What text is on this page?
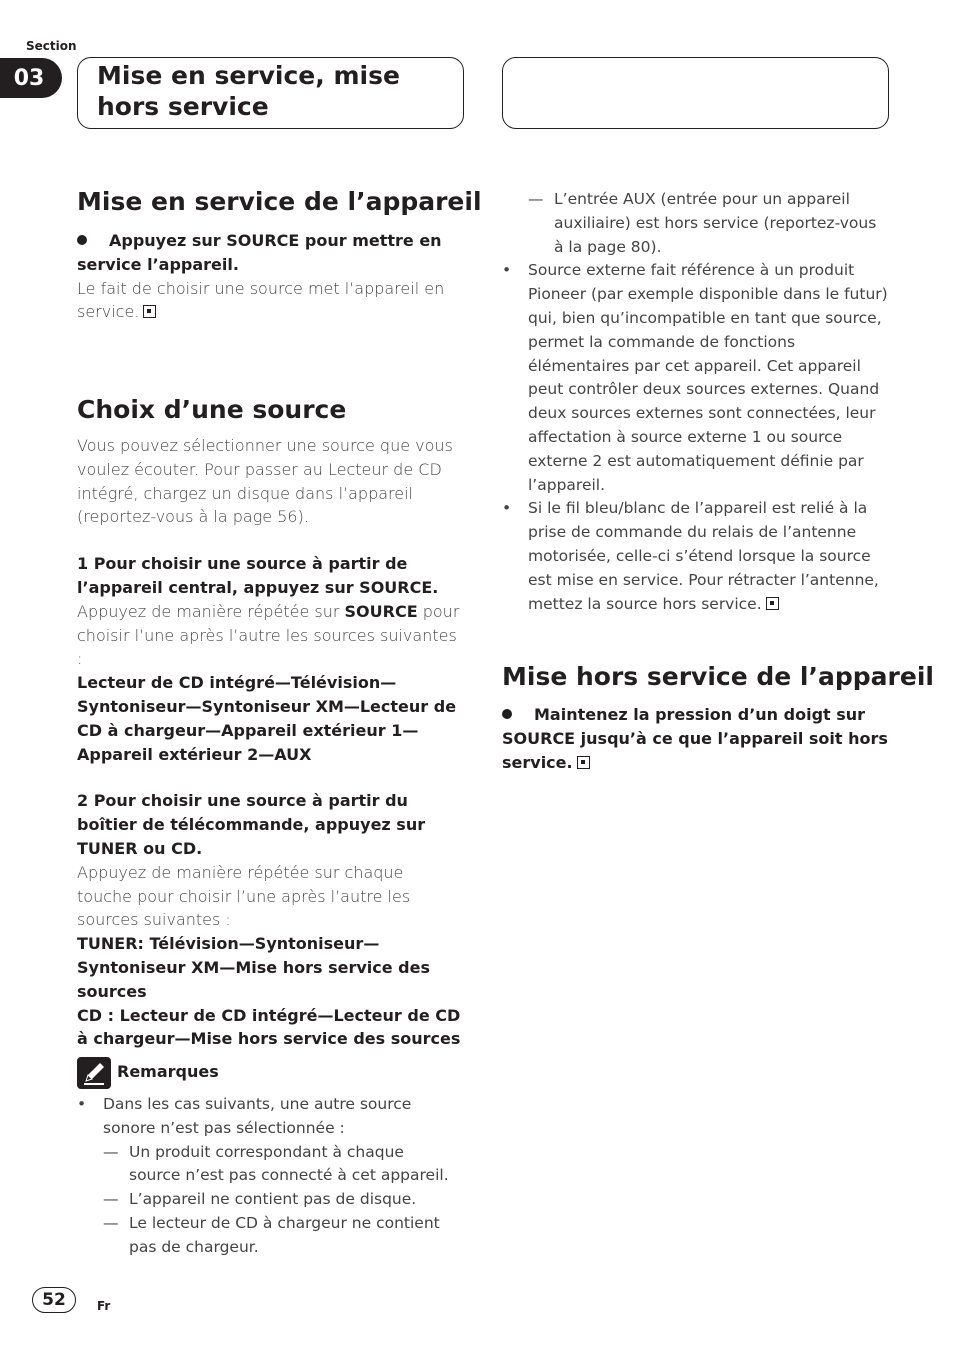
Section
03	Mise en service, mise hors service
Mise en service de l’appareil

Appuyez sur SOURCE pour mettre en service l’appareil.

Le fait de choisir une source met l’appareil en service.

Choix d’une source

Vous pouvez sélectionner une source que vous voulez écouter. Pour passer au Lecteur de CD intégré, chargez un disque dans l’appareil (reportez-vous à la page 56).

1 Pour choisir une source à partir de l’appareil central, appuyez sur SOURCE.

Appuyez de manière répétée sur SOURCE pour choisir l’une après l’autre les sources suivantes :

Lecteur de CD intégré—Télévision—Syntoniseur—Syntoniseur XM—Lecteur de CD à chargeur—Appareil extérieur 1—Appareil extérieur 2—AUX

2 Pour choisir une source à partir du boîtier de télécommande, appuyez sur TUNER ou CD.

Appuyez de manière répétée sur chaque touche pour choisir l’une après l’autre les sources suivantes :

TUNER: Télévision—Syntoniseur—Syntoniseur XM—Mise hors service des sources

CD : Lecteur de CD intégré—Lecteur de CD à chargeur—Mise hors service des sources

Remarques
• Dans les cas suivants, une autre source sonore n’est pas sélectionnée :
— Un produit correspondant à chaque source n’est pas connecté à cet appareil.
— L’appareil ne contient pas de disque.
— Le lecteur de CD à chargeur ne contient pas de chargeur.
— L’entrée AUX (entrée pour un appareil auxiliaire) est hors service (reportez-vous à la page 80).
• Source externe fait référence à un produit Pioneer (par exemple disponible dans le futur) qui, bien qu’incompatible en tant que source, permet la commande de fonctions élémentaires par cet appareil. Cet appareil peut contrôler deux sources externes. Quand deux sources externes sont connectées, leur affectation à source externe 1 ou source externe 2 est automatiquement définie par l’appareil.
• Si le fil bleu/blanc de l’appareil est relié à la prise de commande du relais de l’antenne motorisée, celle-ci s’étend lorsque la source est mise en service. Pour rétracter l’antenne, mettez la source hors service.
Mise hors service de l’appareil

Maintenez la pression d’un doigt sur SOURCE jusqu’à ce que l’appareil soit hors service.

52	Fr
